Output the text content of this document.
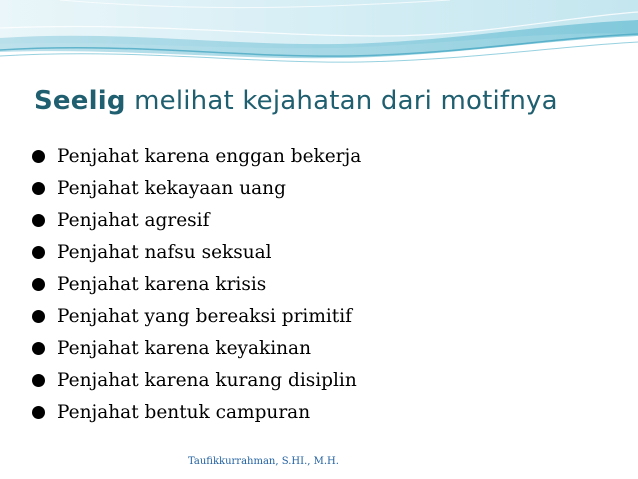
Seelig melihat kejahatan dari motifnya
Penjahat karena enggan bekerja
Penjahat kekayaan uang
Penjahat agresif
Penjahat nafsu seksual
Penjahat karena krisis
Penjahat yang bereaksi primitif
Penjahat karena keyakinan
Penjahat karena kurang disiplin
Penjahat bentuk campuran
Taufikkurrahman, S.HI., M.H.
